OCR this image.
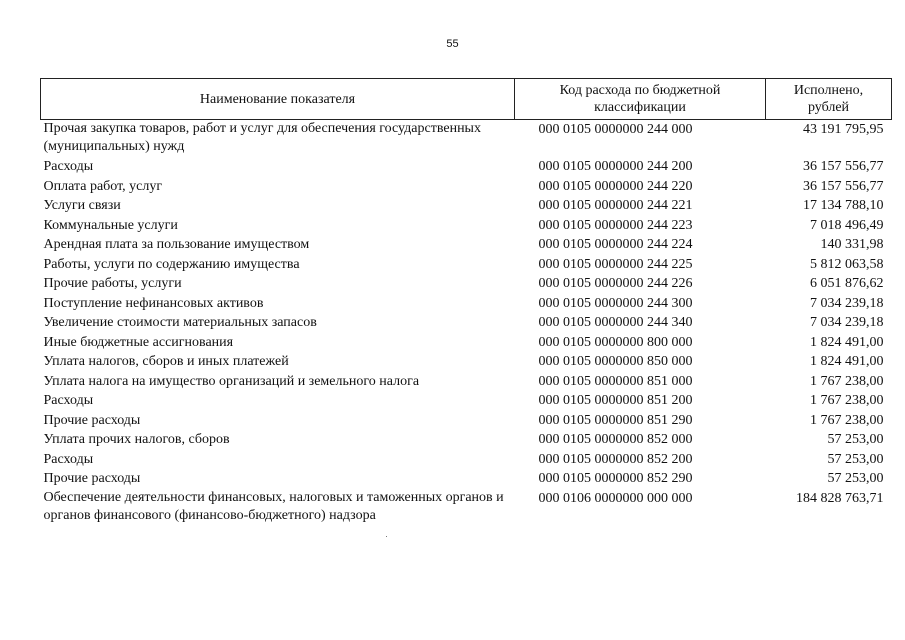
55
Наименование показателя	Код расхода по бюджетной классификации	Исполнено, рублей
Прочая закупка товаров, работ и услуг для обеспечения государственных (муниципальных) нужд	000 0105 0000000 244 000	43 191 795,95
Расходы	000 0105 0000000 244 200	36 157 556,77
Оплата работ, услуг	000 0105 0000000 244 220	36 157 556,77
Услуги связи	000 0105 0000000 244 221	17 134 788,10
Коммунальные услуги	000 0105 0000000 244 223	7 018 496,49
Арендная плата за пользование имуществом	000 0105 0000000 244 224	140 331,98
Работы, услуги по содержанию имущества	000 0105 0000000 244 225	5 812 063,58
Прочие работы, услуги	000 0105 0000000 244 226	6 051 876,62
Поступление нефинансовых активов	000 0105 0000000 244 300	7 034 239,18
Увеличение стоимости материальных запасов	000 0105 0000000 244 340	7 034 239,18
Иные бюджетные ассигнования	000 0105 0000000 800 000	1 824 491,00
Уплата налогов, сборов и иных платежей	000 0105 0000000 850 000	1 824 491,00
Уплата налога на имущество организаций и земельного налога	000 0105 0000000 851 000	1 767 238,00
Расходы	000 0105 0000000 851 200	1 767 238,00
Прочие расходы	000 0105 0000000 851 290	1 767 238,00
Уплата прочих налогов, сборов	000 0105 0000000 852 000	57 253,00
Расходы	000 0105 0000000 852 200	57 253,00
Прочие расходы	000 0105 0000000 852 290	57 253,00
Обеспечение деятельности финансовых, налоговых и таможенных органов и органов финансового (финансово-бюджетного) надзора	000 0106 0000000 000 000	184 828 763,71
